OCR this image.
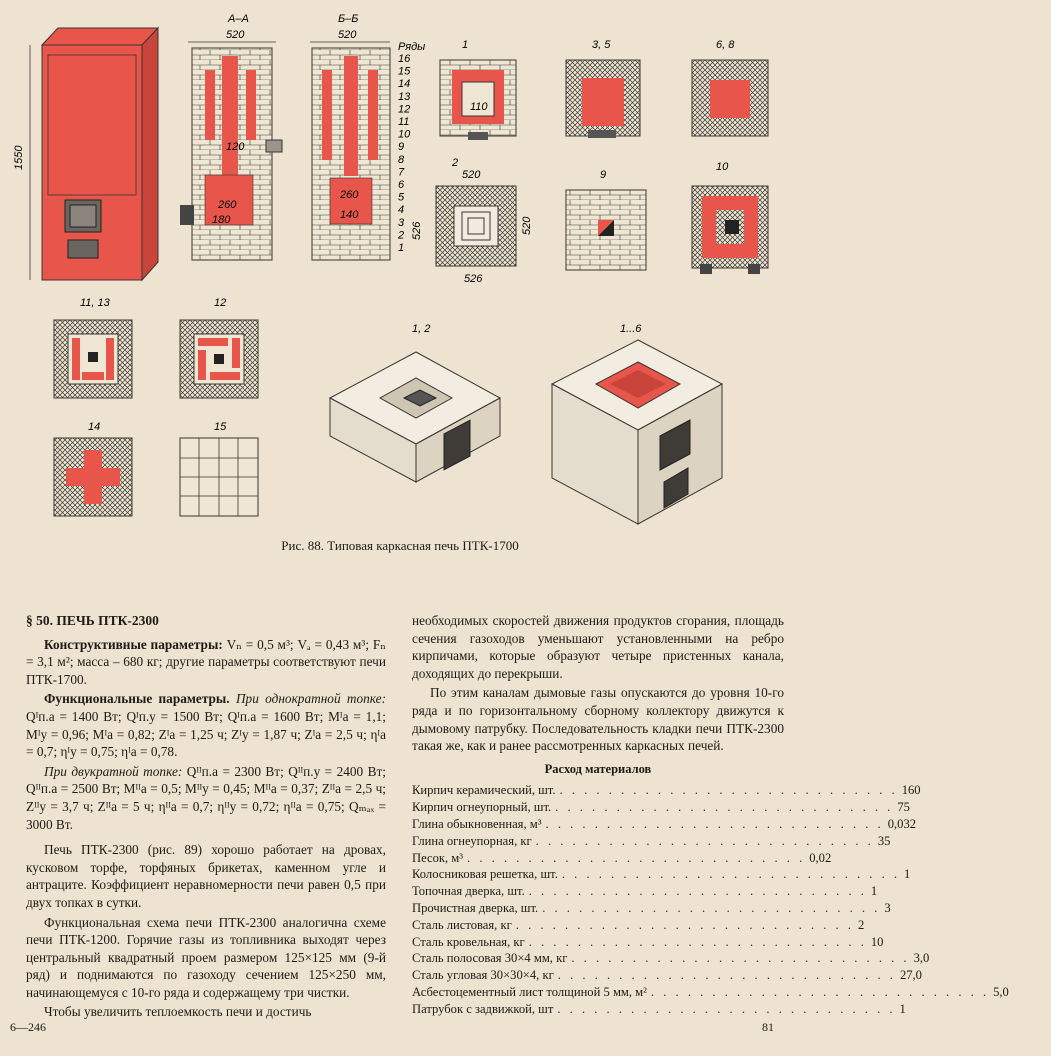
1550
А–А
520
120
260
180
Б–Б
520
260
140
Ряды
16
15
14
13
12
11
10
9
8
7
6
5
4
3
2
1
1
110
3, 5	6, 8
2
520
526
526	520
9
10
11, 13	12
14	15
1, 2	1...6
Рис. 88. Типовая каркасная печь ПТК-1700
§ 50. ПЕЧЬ ПТК-2300

Конструктивные параметры: Vₙ = 0,5 м³; Vₐ = 0,43 м³; Fₙ = 3,1 м²; масса – 680 кг; другие параметры соответствуют печи ПТК-1700.

Функциональные параметры. При однократной топке: Qᴵп.а = 1400 Вт; Qᴵп.у = 1500 Вт; Qᴵп.а = 1600 Вт; Mᴵа = 1,1; Mᴵу = 0,96; Mᴵа = 0,82; Zᴵа = 1,25 ч; Zᴵу = 1,87 ч; Zᴵа = 2,5 ч; ηᴵа = 0,7; ηᴵу = 0,75; ηᴵа = 0,78.

При двукратной топке: Qᴵᴵп.а = 2300 Вт; Qᴵᴵп.у = 2400 Вт; Qᴵᴵп.а = 2500 Вт; Mᴵᴵа = 0,5; Mᴵᴵу = 0,45; Mᴵᴵа = 0,37; Zᴵᴵа = 2,5 ч; Zᴵᴵу = 3,7 ч; Zᴵᴵа = 5 ч; ηᴵᴵа = 0,7; ηᴵᴵу = 0,72; ηᴵᴵа = 0,75; Qₘₐₓ = 3000 Вт.

Печь ПТК-2300 (рис. 89) хорошо работает на дровах, кусковом торфе, торфяных брикетах, каменном угле и антраците. Коэффициент неравномерности печи равен 0,5 при двух топках в сутки.

Функциональная схема печи ПТК-2300 аналогична схеме печи ПТК-1200. Горячие газы из топливника выходят через центральный квадратный проем размером 125×125 мм (9-й ряд) и поднимаются по газоходу сечением 125×250 мм, начинающемуся с 10-го ряда и содержащему три чистки.

Чтобы увеличить теплоемкость печи и достичь

необходимых скоростей движения продуктов сгорания, площадь сечения газоходов уменьшают установленными на ребро кирпичами, которые образуют четыре пристенных канала, доходящих до перекрыши.

По этим каналам дымовые газы опускаются до уровня 10-го ряда и по горизонтальному сборному коллектору движутся к дымовому патрубку. Последовательность кладки печи ПТК-2300 такая же, как и ранее рассмотренных каркасных печей.

Расход материалов
Кирпич керамический, шт. . . . . . . . . . . . . . . . . . . . . . . . . . . . . 160
Кирпич огнеупорный, шт. . . . . . . . . . . . . . . . . . . . . . . . . . . . . 75
Глина обыкновенная, м³ . . . . . . . . . . . . . . . . . . . . . . . . . . . . 0,032
Глина огнеупорная, кг . . . . . . . . . . . . . . . . . . . . . . . . . . . . 35
Песок, м³ . . . . . . . . . . . . . . . . . . . . . . . . . . . . 0,02
Колосниковая решетка, шт. . . . . . . . . . . . . . . . . . . . . . . . . . . . . 1
Топочная дверка, шт. . . . . . . . . . . . . . . . . . . . . . . . . . . . . 1
Прочистная дверка, шт. . . . . . . . . . . . . . . . . . . . . . . . . . . . . 3
Сталь листовая, кг . . . . . . . . . . . . . . . . . . . . . . . . . . . . 2
Сталь кровельная, кг . . . . . . . . . . . . . . . . . . . . . . . . . . . . 10
Сталь полосовая 30×4 мм, кг . . . . . . . . . . . . . . . . . . . . . . . . . . . . 3,0
Сталь угловая 30×30×4, кг . . . . . . . . . . . . . . . . . . . . . . . . . . . . 27,0
Асбестоцементный лист толщиной 5 мм, м² . . . . . . . . . . . . . . . . . . . . . . . . . . . . 5,0
Патрубок с задвижкой, шт . . . . . . . . . . . . . . . . . . . . . . . . . . . . 1
6—246	81
